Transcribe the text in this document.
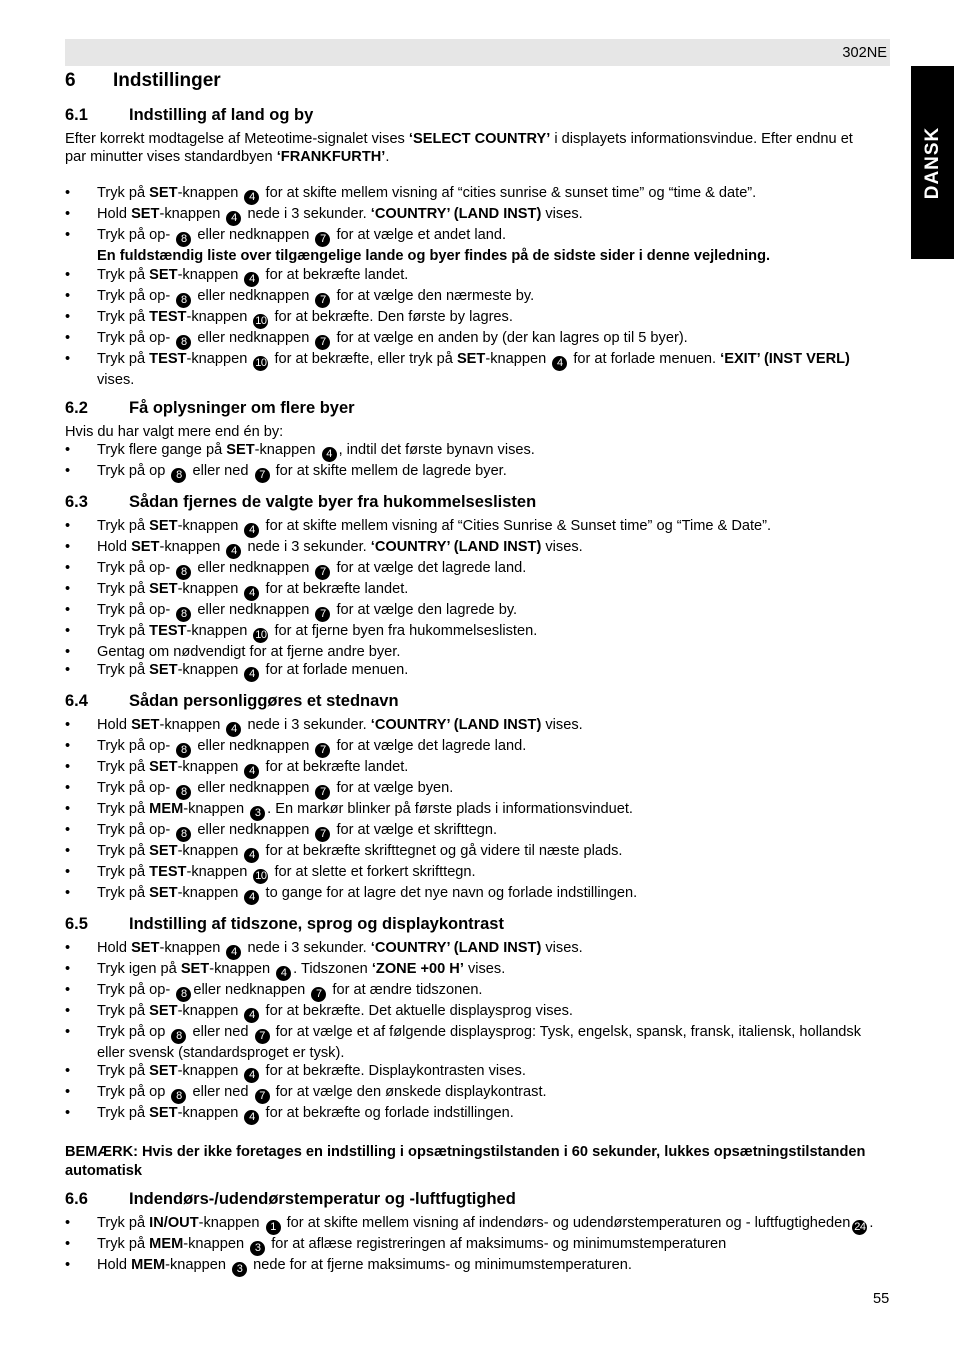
302NE
DANSK
6 Indstillinger
6.1 Indstilling af land og by

Efter korrekt modtagelse af Meteotime-signalet vises ‘SELECT COUNTRY’ i displayets informationsvindue. Efter endnu et par minutter vises standardbyen ‘FRANKFURTH’.

• Tryk på SET-knappen 4 for at skifte mellem visning af “cities sunrise & sunset time” og “time & date”.
• Hold SET-knappen 4 nede i 3 sekunder. ‘COUNTRY’ (LAND INST) vises.
• Tryk på op- 8 eller nedknappen 7 for at vælge et andet land.
En fuldstændig liste over tilgængelige lande og byer findes på de sidste sider i denne vejledning.
• Tryk på SET-knappen 4 for at bekræfte landet.
• Tryk på op- 8 eller nedknappen 7 for at vælge den nærmeste by.
• Tryk på TEST-knappen 10 for at bekræfte. Den første by lagres.
• Tryk på op- 8 eller nedknappen 7 for at vælge en anden by (der kan lagres op til 5 byer).
• Tryk på TEST-knappen 10 for at bekræfte, eller tryk på SET-knappen 4 for at forlade menuen. ‘EXIT’ (INST VERL) vises.
6.2 Få oplysninger om flere byer

Hvis du har valgt mere end én by:

• Tryk flere gange på SET-knappen 4 , indtil det første bynavn vises.
• Tryk på op 8 eller ned 7 for at skifte mellem de lagrede byer.
6.3 Sådan fjernes de valgte byer fra hukommelseslisten
• Tryk på SET-knappen 4 for at skifte mellem visning af “Cities Sunrise & Sunset time” og “Time & Date”.
• Hold SET-knappen 4 nede i 3 sekunder. ‘COUNTRY’ (LAND INST) vises.
• Tryk på op- 8 eller nedknappen 7 for at vælge det lagrede land.
• Tryk på SET-knappen 4 for at bekræfte landet.
• Tryk på op- 8 eller nedknappen 7 for at vælge den lagrede by.
• Tryk på TEST-knappen 10 for at fjerne byen fra hukommelseslisten.
• Gentag om nødvendigt for at fjerne andre byer.
• Tryk på SET-knappen 4 for at forlade menuen.
6.4 Sådan personliggøres et stednavn
• Hold SET-knappen 4 nede i 3 sekunder. ‘COUNTRY’ (LAND INST) vises.
• Tryk på op- 8 eller nedknappen 7 for at vælge det lagrede land.
• Tryk på SET-knappen 4 for at bekræfte landet.
• Tryk på op- 8 eller nedknappen 7 for at vælge byen.
• Tryk på MEM-knappen 3 . En markør blinker på første plads i informationsvinduet.
• Tryk på op- 8 eller nedknappen 7 for at vælge et skrifttegn.
• Tryk på SET-knappen 4 for at bekræfte skrifttegnet og gå videre til næste plads.
• Tryk på TEST-knappen 10 for at slette et forkert skrifttegn.
• Tryk på SET-knappen 4 to gange for at lagre det nye navn og forlade indstillingen.
6.5 Indstilling af tidszone, sprog og displaykontrast
• Hold SET-knappen 4 nede i 3 sekunder. ‘COUNTRY’ (LAND INST) vises.
• Tryk igen på SET-knappen 4 . Tidszonen ‘ZONE +00 H’ vises.
• Tryk på op- 8 eller nedknappen 7 for at ændre tidszonen.
• Tryk på SET-knappen 4 for at bekræfte. Det aktuelle displaysprog vises.
• Tryk på op 8 eller ned 7 for at vælge et af følgende displaysprog: Tysk, engelsk, spansk, fransk, italiensk, hollandsk eller svensk (standardsproget er tysk).
• Tryk på SET-knappen 4 for at bekræfte. Displaykontrasten vises.
• Tryk på op 8 eller ned 7 for at vælge den ønskede displaykontrast.
• Tryk på SET-knappen 4 for at bekræfte og forlade indstillingen.

BEMÆRK: Hvis der ikke foretages en indstilling i opsætningstilstanden i 60 sekunder, lukkes opsætningstilstanden automatisk

6.6 Indendørs-/udendørstemperatur og -luftfugtighed
• Tryk på IN/OUT-knappen 1 for at skifte mellem visning af indendørs- og udendørstemperaturen og - luftfugtigheden 24 .
• Tryk på MEM-knappen 3 for at aflæse registreringen af maksimums- og minimumstemperaturen
• Hold MEM-knappen 3 nede for at fjerne maksimums- og minimumstemperaturen.
55
